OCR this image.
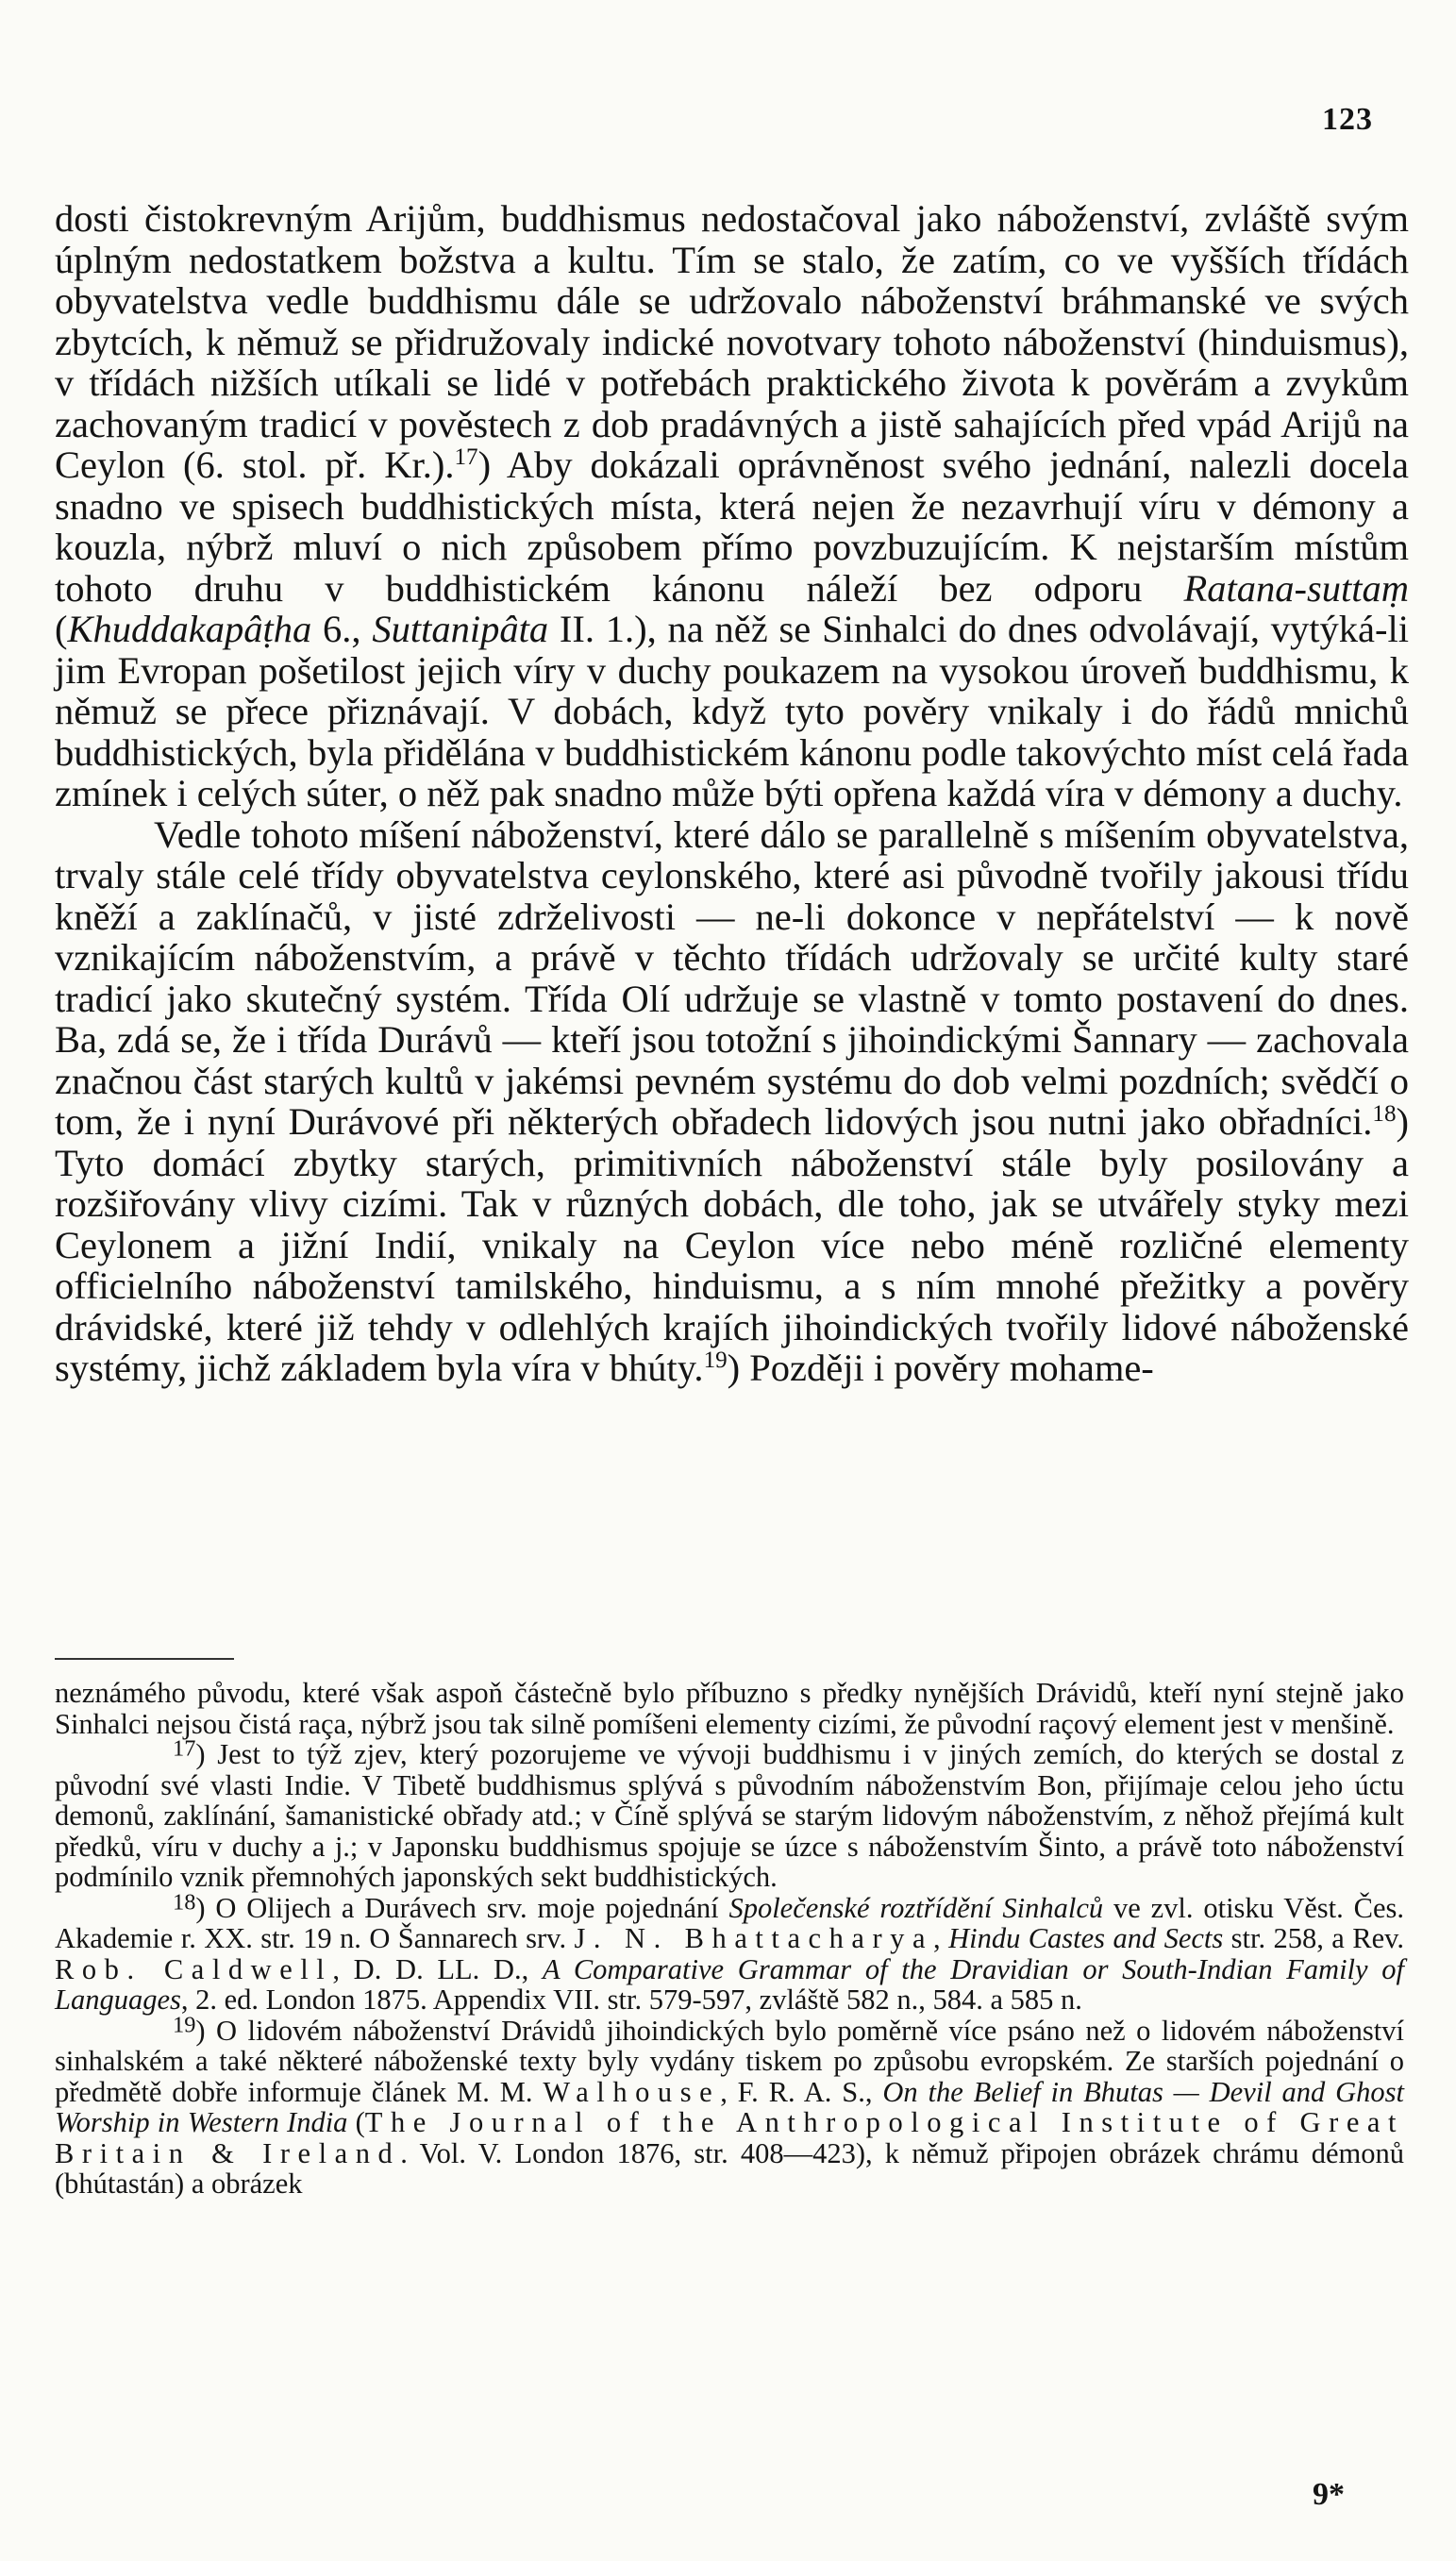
123

dosti čistokrevným Arijům, buddhismus nedostačoval jako náboženství, zvláště svým úplným nedostatkem božstva a kultu. Tím se stalo, že zatím, co ve vyšších třídách obyvatelstva vedle buddhismu dále se udržovalo náboženství bráhmanské ve svých zbytcích, k němuž se přidružovaly indické novotvary tohoto náboženství (hinduismus), v třídách nižších utíkali se lidé v potřebách praktického života k pověrám a zvykům zachovaným tradicí v pověstech z dob pradávných a jistě sahajících před vpád Arijů na Ceylon (6. stol. př. Kr.).$^{17}$) Aby dokázali oprávněnost svého jednání, nalezli docela snadno ve spisech buddhistických místa, která nejen že nezavrhují víru v démony a kouzla, nýbrž mluví o nich způsobem přímo povzbuzujícím. K nejstarším místům tohoto druhu v buddhistickém kánonu náleží bez odporu Ratana-suttaṃ (Khuddakapâṭha 6., Suttanipâta II. 1.), na něž se Sinhalci do dnes odvolávají, vytýká-li jim Evropan pošetilost jejich víry v duchy poukazem na vysokou úroveň buddhismu, k němuž se přece přiznávají. V dobách, když tyto pověry vnikaly i do řádů mnichů buddhistických, byla přidělána v buddhistickém kánonu podle takovýchto míst celá řada zmínek i celých súter, o něž pak snadno může býti opřena každá víra v démony a duchy.

Vedle tohoto míšení náboženství, které dálo se parallelně s míšením obyvatelstva, trvaly stále celé třídy obyvatelstva ceylonského, které asi původně tvořily jakousi třídu kněží a zaklínačů, v jisté zdrželivosti — ne-li dokonce v nepřátelství — k nově vznikajícím náboženstvím, a právě v těchto třídách udržovaly se určité kulty staré tradicí jako skutečný systém. Třída Olí udržuje se vlastně v tomto postavení do dnes. Ba, zdá se, že i třída Durávů — kteří jsou totožní s jihoindickými Šannary — zachovala značnou část starých kultů v jakémsi pevném systému do dob velmi pozdních; svědčí o tom, že i nyní Durávové při některých obřadech lidových jsou nutni jako obřadníci.$^{18}$) Tyto domácí zbytky starých, primitivních náboženství stále byly posilovány a rozšiřovány vlivy cizími. Tak v různých dobách, dle toho, jak se utvářely styky mezi Ceylonem a jižní Indií, vnikaly na Ceylon více nebo méně rozličné elementy officielního náboženství tamilského, hinduismu, a s ním mnohé přežitky a pověry drávidské, které již tehdy v odlehlých krajích jihoindických tvořily lidové náboženské systémy, jichž základem byla víra v bhúty.$^{19}$) Později i pověry mohame-

neznámého původu, které však aspoň částečně bylo příbuzno s předky nynějších Drávidů, kteří nyní stejně jako Sinhalci nejsou čistá raça, nýbrž jsou tak silně pomíšeni elementy cizími, že původní raçový element jest v menšině.

$^{17}$) Jest to týž zjev, který pozorujeme ve vývoji buddhismu i v jiných zemích, do kterých se dostal z původní své vlasti Indie. V Tibetě buddhismus splývá s původním náboženstvím Bon, přijímaje celou jeho úctu demonů, zaklínání, šamanistické obřady atd.; v Číně splývá se starým lidovým náboženstvím, z něhož přejímá kult předků, víru v duchy a j.; v Japonsku buddhismus spojuje se úzce s náboženstvím Šinto, a právě toto náboženství podmínilo vznik přemnohých japonských sekt buddhistických.

$^{18}$) O Olijech a Durávech srv. moje pojednání Společenské roztřídění Sinhalců ve zvl. otisku Věst. Čes. Akademie r. XX. str. 19 n. O Šannarech srv. J. N. Bhattacharya, Hindu Castes and Sects str. 258, a Rev. Rob. Caldwell, D. D. LL. D., A Comparative Grammar of the Dravidian or South-Indian Family of Languages, 2. ed. London 1875. Appendix VII. str. 579-597, zvláště 582 n., 584. a 585 n.

$^{19}$) O lidovém náboženství Drávidů jihoindických bylo poměrně více psáno než o lidovém náboženství sinhalském a také některé náboženské texty byly vydány tiskem po způsobu evropském. Ze starších pojednání o předmětě dobře informuje článek M. M. Walhouse, F. R. A. S., On the Belief in Bhutas — Devil and Ghost Worship in Western India (The Journal of the Anthropological Institute of Great Britain & Ireland. Vol. V. London 1876, str. 408—423), k němuž připojen obrázek chrámu démonů (bhútastán) a obrázek

9*
